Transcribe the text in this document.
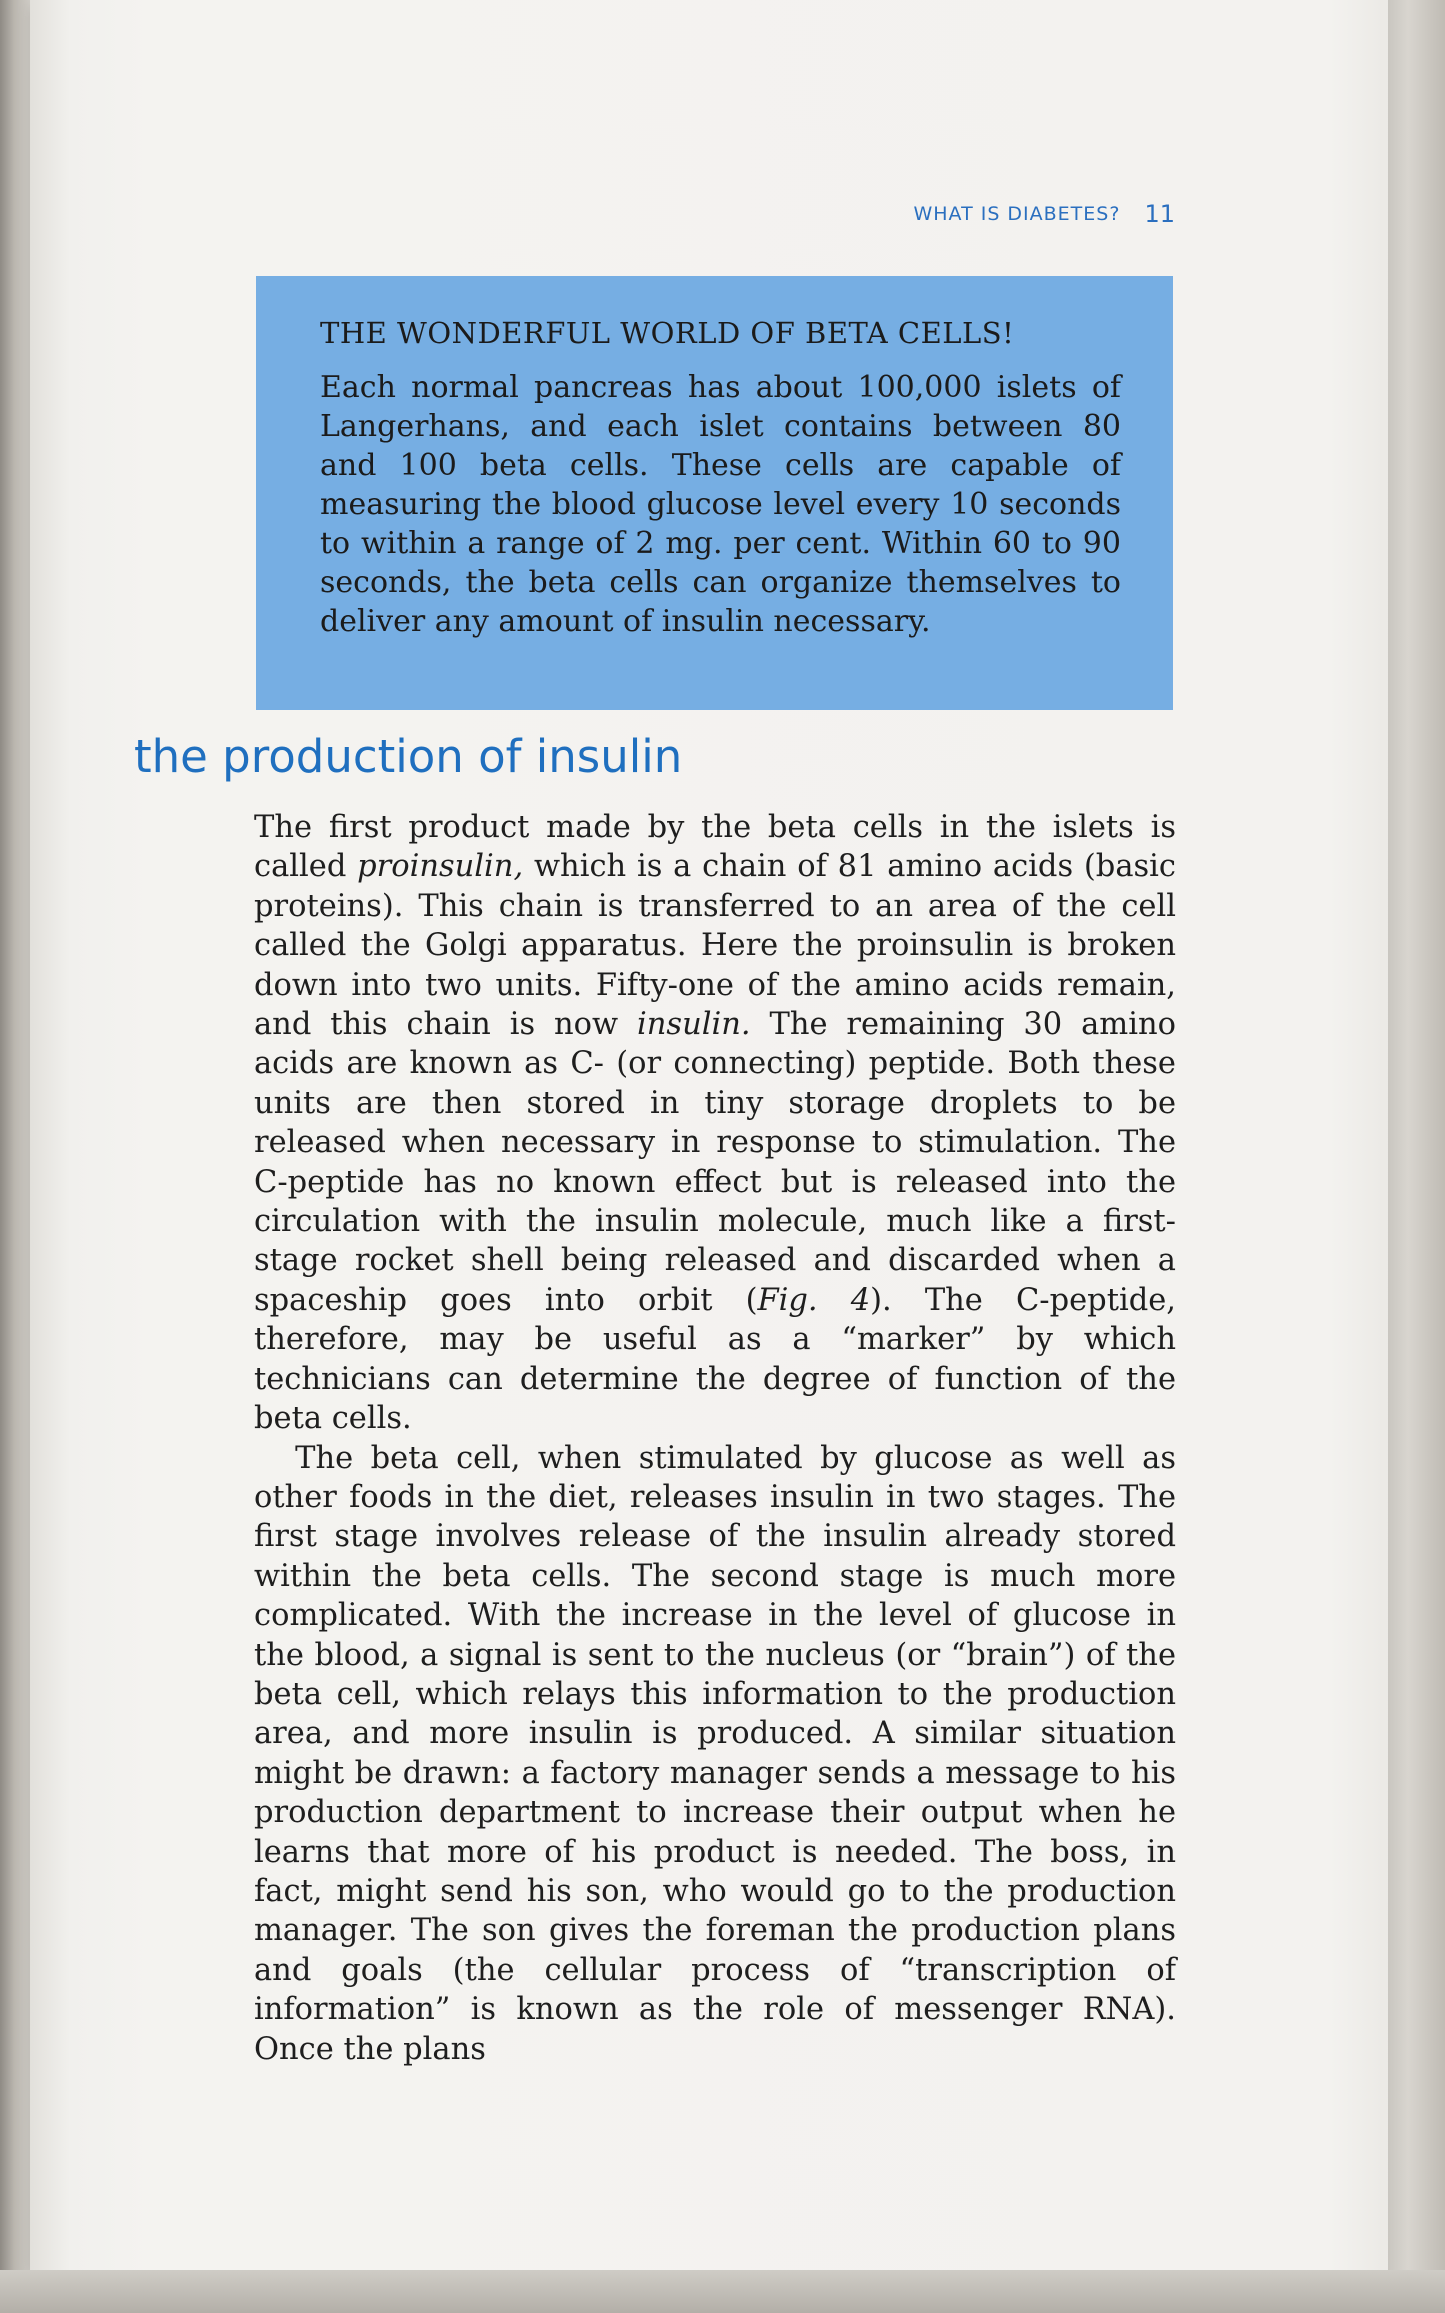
WHAT IS DIABETES? 11

THE WONDERFUL WORLD OF BETA CELLS!

Each normal pancreas has about 100,000 islets of Langerhans, and each islet contains between 80 and 100 beta cells. These cells are capable of measuring the blood glucose level every 10 seconds to within a range of 2 mg. per cent. Within 60 to 90 seconds, the beta cells can organize themselves to deliver any amount of insulin necessary.

the production of insulin

The first product made by the beta cells in the islets is called proinsulin, which is a chain of 81 amino acids (basic proteins). This chain is transferred to an area of the cell called the Golgi apparatus. Here the proinsulin is broken down into two units. Fifty-one of the amino acids remain, and this chain is now insulin. The remaining 30 amino acids are known as C- (or connecting) peptide. Both these units are then stored in tiny storage droplets to be released when necessary in response to stimulation. The C-peptide has no known effect but is released into the circulation with the insulin molecule, much like a first-stage rocket shell being released and discarded when a spaceship goes into orbit (Fig. 4). The C-peptide, therefore, may be useful as a “marker” by which technicians can determine the degree of function of the beta cells.

The beta cell, when stimulated by glucose as well as other foods in the diet, releases insulin in two stages. The first stage involves release of the insulin already stored within the beta cells. The second stage is much more complicated. With the increase in the level of glucose in the blood, a signal is sent to the nucleus (or “brain”) of the beta cell, which relays this information to the production area, and more insulin is produced. A similar situation might be drawn: a factory manager sends a message to his production department to increase their output when he learns that more of his product is needed. The boss, in fact, might send his son, who would go to the production manager. The son gives the foreman the production plans and goals (the cellular process of “transcription of information” is known as the role of messenger RNA). Once the plans
